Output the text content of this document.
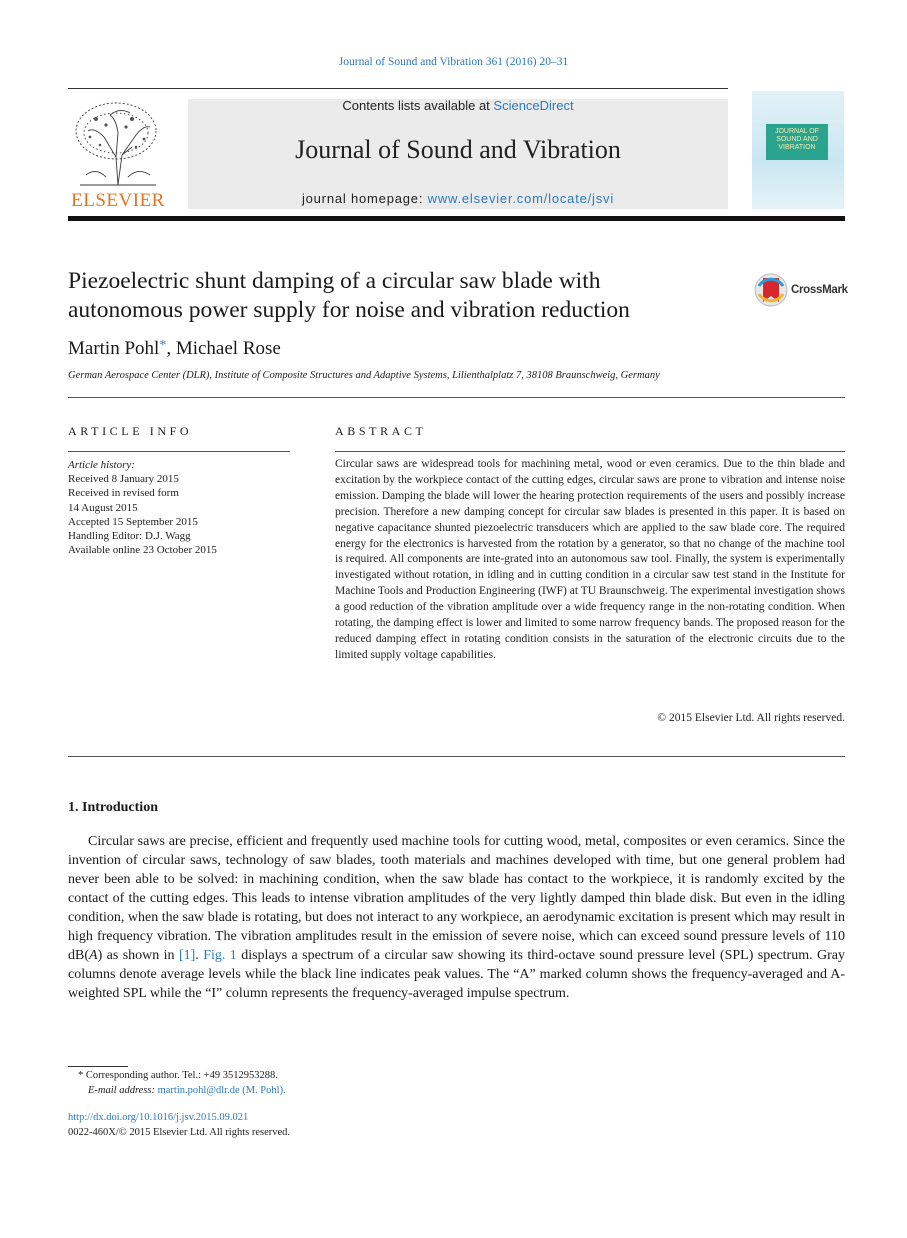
Journal of Sound and Vibration 361 (2016) 20–31
ELSEVIER
Contents lists available at ScienceDirect
Journal of Sound and Vibration
journal homepage: www.elsevier.com/locate/jsvi
JOURNAL OF SOUND AND VIBRATION
Piezoelectric shunt damping of a circular saw blade with
autonomous power supply for noise and vibration reduction
CrossMark
Martin Pohl*, Michael Rose
German Aerospace Center (DLR), Institute of Composite Structures and Adaptive Systems, Lilienthalplatz 7, 38108 Braunschweig, Germany
ARTICLE INFO	ABSTRACT
Article history:
Received 8 January 2015
Received in revised form
14 August 2015
Accepted 15 September 2015
Handling Editor: D.J. Wagg
Available online 23 October 2015
Circular saws are widespread tools for machining metal, wood or even ceramics. Due to the thin blade and excitation by the workpiece contact of the cutting edges, circular saws are prone to vibration and intense noise emission. Damping the blade will lower the hearing protection requirements of the users and possibly increase precision. Therefore a new damping concept for circular saw blades is presented in this paper. It is based on negative capacitance shunted piezoelectric transducers which are applied to the saw blade core. The required energy for the electronics is harvested from the rotation by a generator, so that no change of the machine tool is required. All components are inte-grated into an autonomous saw tool. Finally, the system is experimentally investigated without rotation, in idling and in cutting condition in a circular saw test stand in the Institute for Machine Tools and Production Engineering (IWF) at TU Braunschweig. The experimental investigation shows a good reduction of the vibration amplitude over a wide frequency range in the non-rotating condition. When rotating, the damping effect is lower and limited to some narrow frequency bands. The proposed reason for the reduced damping effect in rotating condition consists in the saturation of the electronic circuits due to the limited supply voltage capabilities.
© 2015 Elsevier Ltd. All rights reserved.
1. Introduction
Circular saws are precise, efficient and frequently used machine tools for cutting wood, metal, composites or even ceramics. Since the invention of circular saws, technology of saw blades, tooth materials and machines developed with time, but one general problem had never been able to be solved: in machining condition, when the saw blade has contact to the workpiece, it is randomly excited by the contact of the cutting edges. This leads to intense vibration amplitudes of the very lightly damped thin blade disk. But even in the idling condition, when the saw blade is rotating, but does not interact to any workpiece, an aerodynamic excitation is present which may result in high frequency vibration. The vibration amplitudes result in the emission of severe noise, which can exceed sound pressure levels of 110 dB(A) as shown in [1]. Fig. 1 displays a spectrum of a circular saw showing its third-octave sound pressure level (SPL) spectrum. Gray columns denote average levels while the black line indicates peak values. The “A” marked column shows the frequency-averaged and A-weighted SPL while the “I” column represents the frequency-averaged impulse spectrum.
* Corresponding author. Tel.: +49 3512953288.
E-mail address: martin.pohl@dlr.de (M. Pohl).
http://dx.doi.org/10.1016/j.jsv.2015.09.021
0022-460X/© 2015 Elsevier Ltd. All rights reserved.
